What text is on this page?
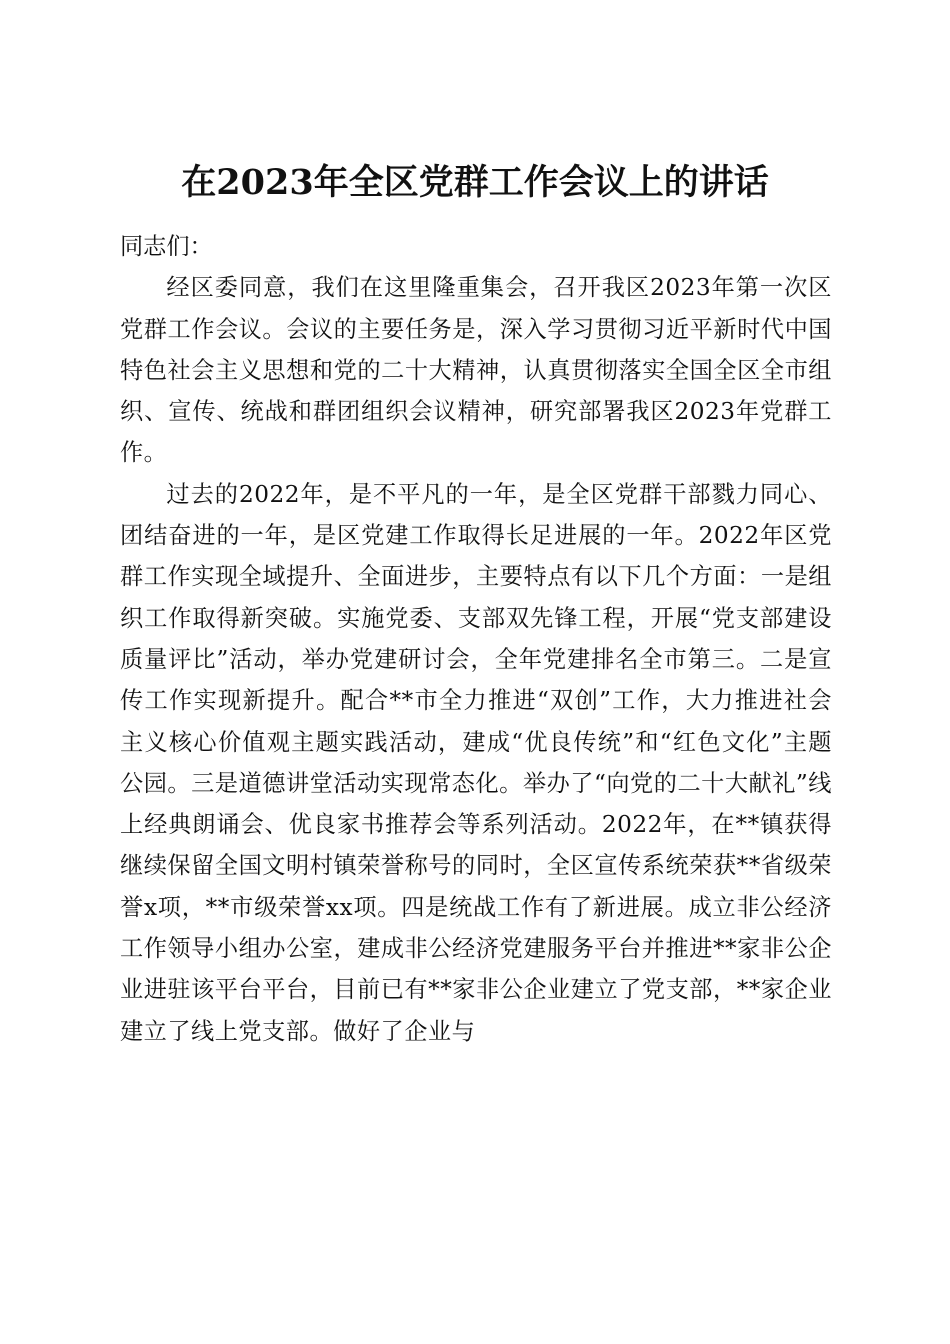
在2023年全区党群工作会议上的讲话

同志们：

经区委同意，我们在这里隆重集会，召开我区2023年第一次区党群工作会议。会议的主要任务是，深入学习贯彻习近平新时代中国特色社会主义思想和党的二十大精神，认真贯彻落实全国全区全市组织、宣传、统战和群团组织会议精神，研究部署我区2023年党群工作。

过去的2022年，是不平凡的一年，是全区党群干部戮力同心、团结奋进的一年，是区党建工作取得长足进展的一年。2022年区党群工作实现全域提升、全面进步，主要特点有以下几个方面：一是组织工作取得新突破。实施党委、支部双先锋工程，开展“党支部建设质量评比”活动，举办党建研讨会，全年党建排名全市第三。二是宣传工作实现新提升。配合**市全力推进“双创”工作，大力推进社会主义核心价值观主题实践活动，建成“优良传统”和“红色文化”主题公园。三是道德讲堂活动实现常态化。举办了“向党的二十大献礼”线上经典朗诵会、优良家书推荐会等系列活动。2022年，在**镇获得继续保留全国文明村镇荣誉称号的同时，全区宣传系统荣获**省级荣誉x项，**市级荣誉xx项。四是统战工作有了新进展。成立非公经济工作领导小组办公室，建成非公经济党建服务平台并推进**家非公企业进驻该平台平台，目前已有**家非公企业建立了党支部，**家企业建立了线上党支部。做好了企业与
